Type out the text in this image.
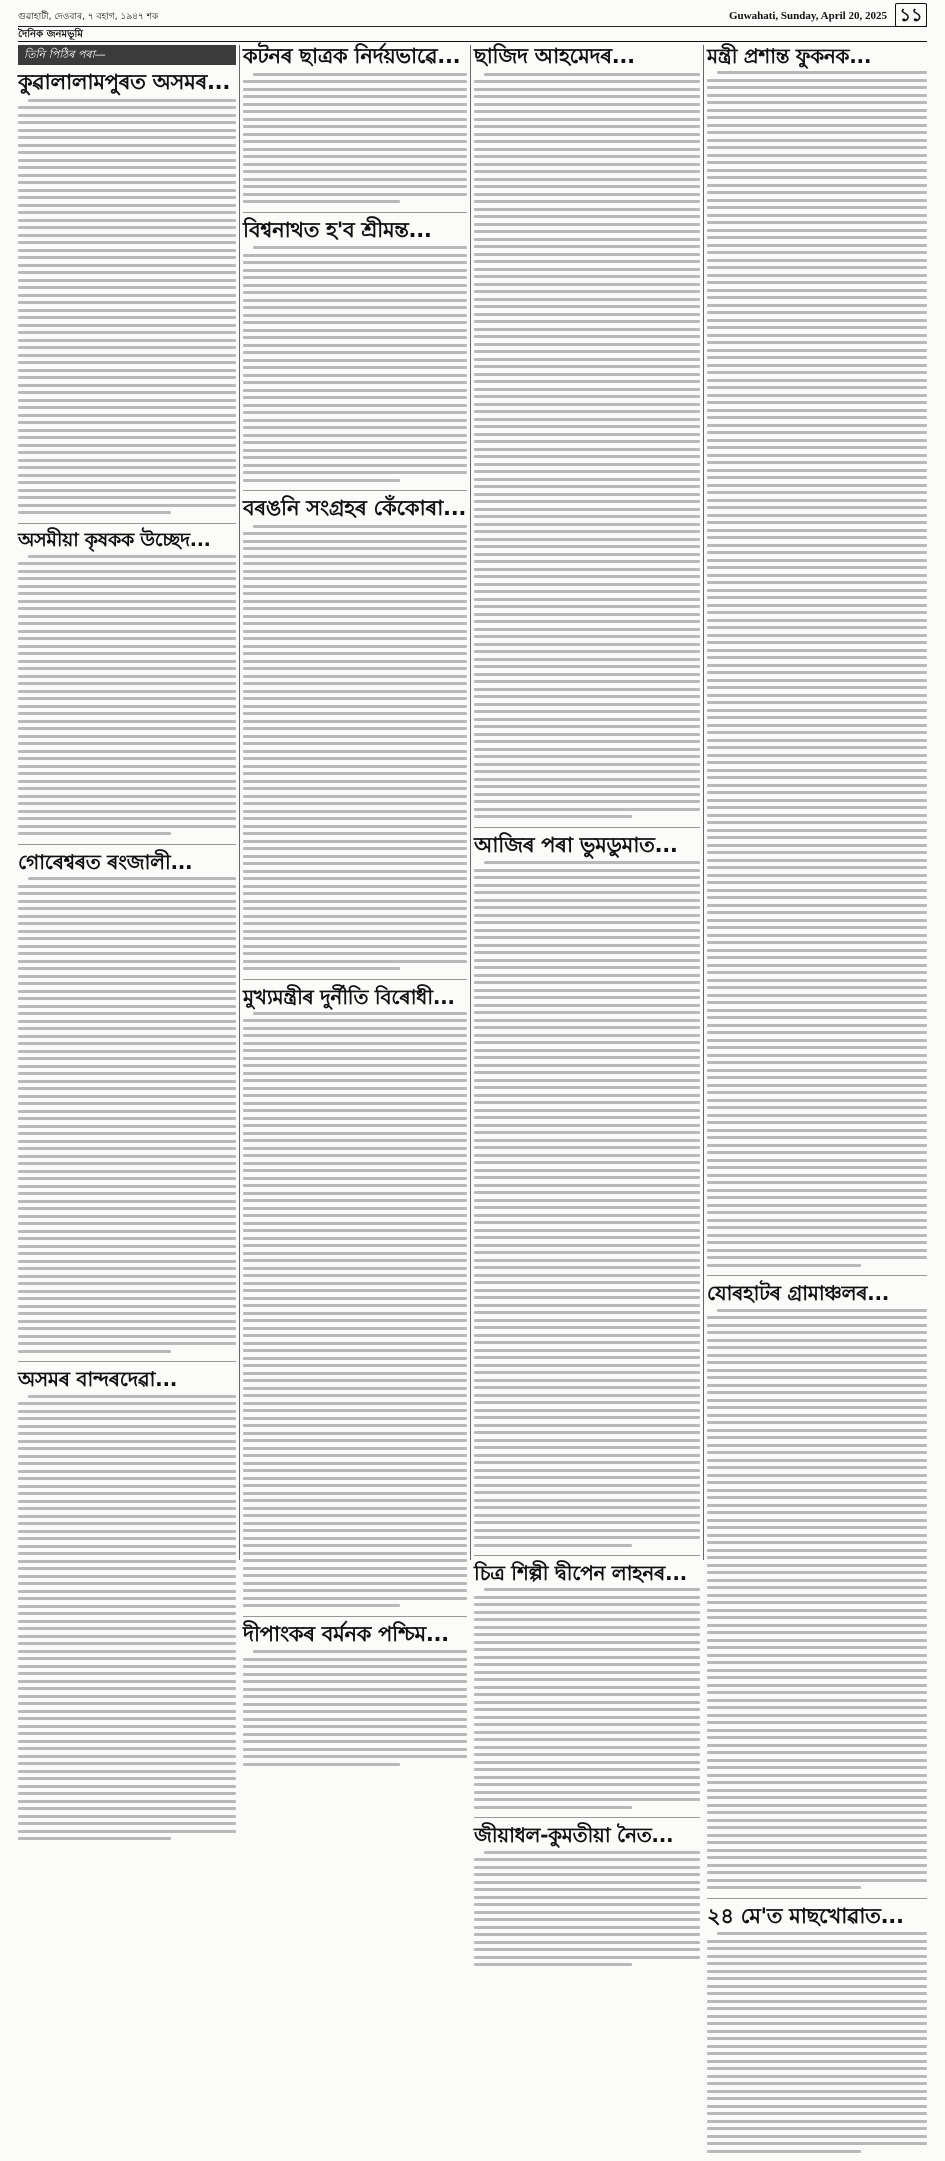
গুৱাহাটী, দেওবাৰ, ৭ বহাগ, ১৯৪৭ শক	Guwahati, Sunday, April 20, 2025 ১১
দৈনিক জনমভূমি
তিনি পিঠিৰ পৰা—
কুৱালালামপুৰত অসমৰ...
অসমীয়া কৃষকক উচ্ছেদ...
গোৰেশ্বৰত ৰংজালী...
অসমৰ বান্দৰদেৱা...
কটনৰ ছাত্ৰক নিৰ্দয়ভাৱে...
বিশ্বনাথত হ'ব শ্ৰীমন্ত...
বৰঙনি সংগ্ৰহৰ কেঁকোৰা...
মুখ্যমন্ত্ৰীৰ দুৰ্নীতি বিৰোধী...
দীপাংকৰ বৰ্মনক পশ্চিম...
ছাজিদ আহমেদৰ...
আজিৰ পৰা ভুমডুমাত...
চিত্ৰ শিল্পী দ্বীপেন লাহনৰ...
জীয়াধল-কুমতীয়া নৈত...
মন্ত্ৰী প্ৰশান্ত ফুকনক...
যোৰহাটৰ গ্ৰামাঞ্চলৰ...
২৪ মে'ত মাছখোৱাত...
